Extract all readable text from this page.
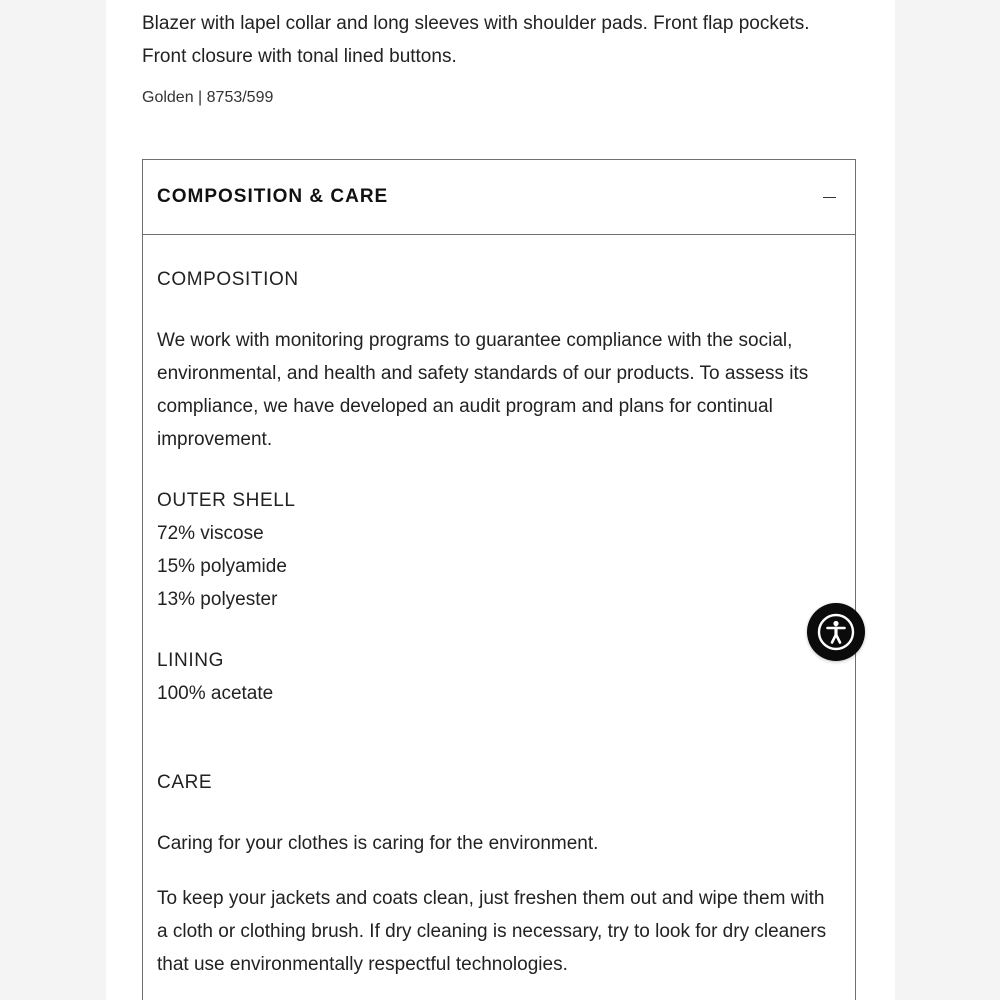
Blazer with lapel collar and long sleeves with shoulder pads. Front flap pockets. Front closure with tonal lined buttons.

Golden | 8753/599

COMPOSITION & CARE

COMPOSITION

We work with monitoring programs to guarantee compliance with the social, environmental, and health and safety standards of our products. To assess its compliance, we have developed an audit program and plans for continual improvement.

OUTER SHELL

72% viscose

15% polyamide

13% polyester

LINING

100% acetate

CARE

Caring for your clothes is caring for the environment.

To keep your jackets and coats clean, just freshen them out and wipe them with a cloth or clothing brush. If dry cleaning is necessary, try to look for dry cleaners that use environmentally respectful technologies.
